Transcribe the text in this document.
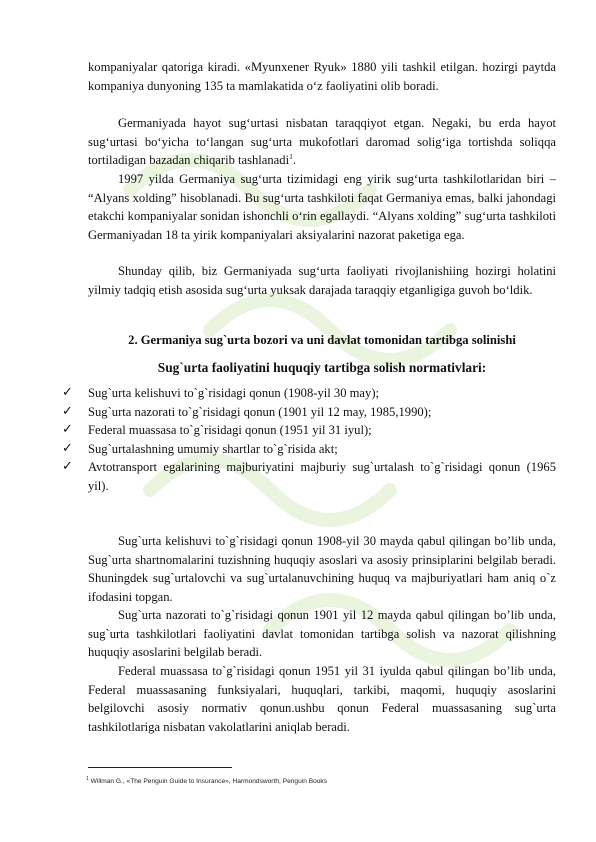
kompaniyalar qatoriga kiradi. «Myunxener Ryuk» 1880 yili tashkil etilgan. hozirgi paytda kompaniya dunyoning 135 ta mamlakatida o‘z faoliyatini olib boradi.

Germaniyada hayot sug‘urtasi nisbatan taraqqiyot etgan. Negaki, bu erda hayot sug‘urtasi bo‘yicha to‘langan sug‘urta mukofotlari daromad solig‘iga tortishda soliqqa tortiladigan bazadan chiqarib tashlanadi$^1$.

1997 yilda Germaniya sug‘urta tizimidagi eng yirik sug‘urta tashkilotlaridan biri – “Alyans xolding” hisoblanadi. Bu sug‘urta tashkiloti faqat Germaniya emas, balki jahondagi etakchi kompaniyalar sonidan ishonchli o‘rin egallaydi. “Alyans xolding” sug‘urta tashkiloti Germaniyadan 18 ta yirik kompaniyalari aksiyalarini nazorat paketiga ega.

Shunday qilib, biz Germaniyada sug‘urta faoliyati rivojlanishiing hozirgi holatini yilmiy tadqiq etish asosida sug‘urta yuksak darajada taraqqiy etganligiga guvoh bo‘ldik.

2. Germaniya sug`urta bozori va uni davlat tomonidan tartibga solinishi

Sug`urta faoliyatini huquqiy tartibga solish normativlari:

✓	Sug`urta kelishuvi to`g`risidagi qonun (1908-yil 30 may);
✓	Sug`urta nazorati to`g`risidagi qonun (1901 yil 12 may, 1985,1990);
✓	Federal muassasa to`g`risidagi qonun (1951 yil 31 iyul);
✓	Sug`urtalashning umumiy shartlar to`g`risida akt;
✓	Avtotransport egalarining majburiyatini majburiy sug`urtalash to`g`risidagi qonun (1965 yil).

Sug`urta kelishuvi to`g`risidagi qonun 1908-yil 30 mayda qabul qilingan bo’lib unda, Sug`urta shartnomalarini tuzishning huquqiy asoslari va asosiy prinsiplarini belgilab beradi. Shuningdek sug`urtalovchi va sug`urtalanuvchining huquq va majburiyatlari ham aniq o`z ifodasini topgan.

Sug`urta nazorati to`g`risidagi qonun 1901 yil 12 mayda qabul qilingan bo’lib unda, sug`urta tashkilotlari faoliyatini davlat tomonidan tartibga solish va nazorat qilishning huquqiy asoslarini belgilab beradi.

Federal muassasa to`g`risidagi qonun 1951 yil 31 iyulda qabul qilingan bo’lib unda, Federal muassasaning funksiyalari, huquqlari, tarkibi, maqomi, huquqiy asoslarini belgilovchi asosiy normativ qonun.ushbu qonun Federal muassasaning sug`urta tashkilotlariga nisbatan vakolatlarini aniqlab beradi.

$^1$ Willman G., «The Penguin Guide to Insurance», Harmondsworth, Penguin Books
